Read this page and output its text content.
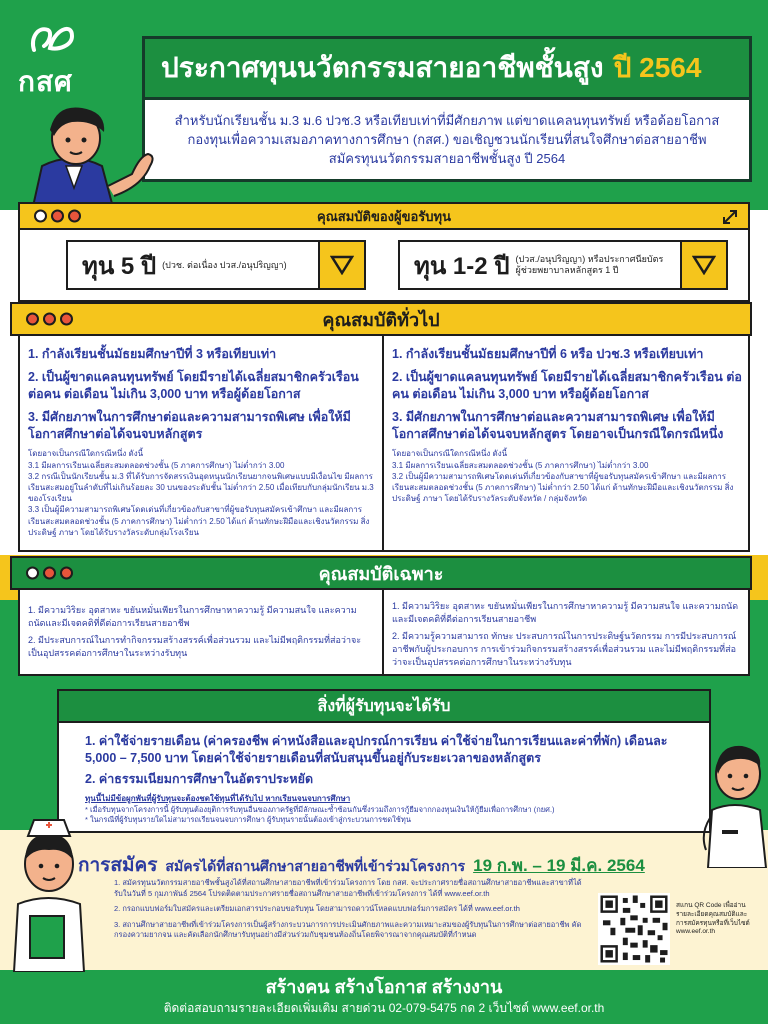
กสศ	ประกาศทุนนวัตกรรมสายอาชีพชั้นสูง ปี 2564
สำหรับนักเรียนชั้น ม.3 ม.6 ปวช.3 หรือเทียบเท่าที่มีศักยภาพ แต่ขาดแคลนทุนทรัพย์ หรือด้อยโอกาส
กองทุนเพื่อความเสมอภาคทางการศึกษา (กสศ.) ขอเชิญชวนนักเรียนที่สนใจศึกษาต่อสายอาชีพ
สมัครทุนนวัตกรรมสายอาชีพชั้นสูง ปี 2564
คุณสมบัติของผู้ขอรับทุน
ทุน 5 ปี (ปวช. ต่อเนื่อง ปวส./อนุปริญญา)	ทุน 1-2 ปี (ปวส./อนุปริญญา) หรือประกาศนียบัตร
ผู้ช่วยพยาบาลหลักสูตร 1 ปี
คุณสมบัติทั่วไป
1. กำลังเรียนชั้นมัธยมศึกษาปีที่ 3 หรือเทียบเท่า
2. เป็นผู้ขาดแคลนทุนทรัพย์ โดยมีรายได้เฉลี่ยสมาชิกครัวเรือน ต่อคน ต่อเดือน ไม่เกิน 3,000 บาท หรือผู้ด้อยโอกาส
3. มีศักยภาพในการศึกษาต่อและความสามารถพิเศษ เพื่อให้มีโอกาสศึกษาต่อได้จนจบหลักสูตร
โดยอาจเป็นกรณีใดกรณีหนึ่ง ดังนี้
3.1 มีผลการเรียนเฉลี่ยสะสมตลอดช่วงชั้น (5 ภาคการศึกษา) ไม่ต่ำกว่า 3.00
3.2 กรณีเป็นนักเรียนชั้น ม.3 ที่ได้รับการจัดสรรเงินอุดหนุนนักเรียนยากจนพิเศษแบบมีเงื่อนไข มีผลการเรียนสะสมอยู่ในลำดับที่ไม่เกินร้อยละ 30 บนของระดับชั้น ไม่ต่ำกว่า 2.50 เมื่อเทียบกับกลุ่มนักเรียน ม.3 ของโรงเรียน
3.3 เป็นผู้มีความสามารถพิเศษโดดเด่นที่เกี่ยวข้องกับสาขาที่ผู้ขอรับทุนสมัครเข้าศึกษา และมีผลการเรียนสะสมตลอดช่วงชั้น (5 ภาคการศึกษา) ไม่ต่ำกว่า 2.50 ได้แก่ ด้านทักษะฝีมือและเชิงนวัตกรรม สิ่งประดิษฐ์ ภาษา โดยได้รับรางวัลระดับกลุ่มโรงเรียน
1. กำลังเรียนชั้นมัธยมศึกษาปีที่ 6 หรือ ปวช.3 หรือเทียบเท่า
2. เป็นผู้ขาดแคลนทุนทรัพย์ โดยมีรายได้เฉลี่ยสมาชิกครัวเรือน ต่อคน ต่อเดือน ไม่เกิน 3,000 บาท หรือผู้ด้อยโอกาส
3. มีศักยภาพในการศึกษาต่อและความสามารถพิเศษ เพื่อให้มีโอกาสศึกษาต่อได้จนจบหลักสูตร โดยอาจเป็นกรณีใดกรณีหนึ่ง
โดยอาจเป็นกรณีใดกรณีหนึ่ง ดังนี้
3.1 มีผลการเรียนเฉลี่ยสะสมตลอดช่วงชั้น (5 ภาคการศึกษา) ไม่ต่ำกว่า 3.00
3.2 เป็นผู้มีความสามารถพิเศษโดดเด่นที่เกี่ยวข้องกับสาขาที่ผู้ขอรับทุนสมัครเข้าศึกษา และมีผลการเรียนสะสมตลอดช่วงชั้น (5 ภาคการศึกษา) ไม่ต่ำกว่า 2.50 ได้แก่ ด้านทักษะฝีมือและเชิงนวัตกรรม สิ่งประดิษฐ์ ภาษา โดยได้รับรางวัลระดับจังหวัด / กลุ่มจังหวัด
คุณสมบัติเฉพาะ
1. มีความวิริยะ อุตสาหะ ขยันหมั่นเพียรในการศึกษาหาความรู้ มีความสนใจ และความถนัดและมีเจตคติที่ดีต่อการเรียนสายอาชีพ
2. มีประสบการณ์ในการทำกิจกรรมสร้างสรรค์เพื่อส่วนรวม และไม่มีพฤติกรรมที่ส่อว่าจะเป็นอุปสรรคต่อการศึกษาในระหว่างรับทุน
1. มีความวิริยะ อุตสาหะ ขยันหมั่นเพียรในการศึกษาหาความรู้ มีความสนใจ และความถนัด และมีเจตคติที่ดีต่อการเรียนสายอาชีพ
2. มีความรู้ความสามารถ ทักษะ ประสบการณ์ในการประดิษฐ์นวัตกรรม การมีประสบการณ์อาชีพกับผู้ประกอบการ การเข้าร่วมกิจกรรมสร้างสรรค์เพื่อส่วนรวม และไม่มีพฤติกรรมที่ส่อว่าจะเป็นอุปสรรคต่อการศึกษาในระหว่างรับทุน
สิ่งที่ผู้รับทุนจะได้รับ
1. ค่าใช้จ่ายรายเดือน (ค่าครองชีพ ค่าหนังสือและอุปกรณ์การเรียน ค่าใช้จ่ายในการเรียนและค่าที่พัก) เดือนละ 5,000 – 7,500 บาท โดยค่าใช้จ่ายรายเดือนที่สนับสนุนขึ้นอยู่กับระยะเวลาของหลักสูตร
2. ค่าธรรมเนียมการศึกษาในอัตราประหยัด
ทุนนี้ไม่มีข้อผูกพันที่ผู้รับทุนจะต้องชดใช้ทุนที่ได้รับไป หากเรียนจนจบการศึกษา
* เมื่อรับทุนจากโครงการนี้ ผู้รับทุนต้องยุติการรับทุนอื่นของภาครัฐที่มีลักษณะซ้ำซ้อนกันซึ่งรวมถึงการกู้ยืมจากกองทุนเงินให้กู้ยืมเพื่อการศึกษา (กยศ.)
* ในกรณีที่ผู้รับทุนรายใดไม่สามารถเรียนจนจบการศึกษา ผู้รับทุนรายนั้นต้องเข้าสู่กระบวนการชดใช้ทุน
การสมัคร สมัครได้ที่สถานศึกษาสายอาชีพที่เข้าร่วมโครงการ 19 ก.พ. – 19 มี.ค. 2564
1. สมัครทุนนวัตกรรมสายอาชีพชั้นสูงได้ที่สถานศึกษาสายอาชีพที่เข้าร่วมโครงการ โดย กสศ. จะประกาศรายชื่อสถานศึกษาสายอาชีพและสาขาที่ได้รับในวันที่ 5 กุมภาพันธ์ 2564 โปรดติดตามประกาศรายชื่อสถานศึกษาสายอาชีพที่เข้าร่วมโครงการ ได้ที่ www.eef.or.th
2. กรอกแบบฟอร์มใบสมัครและเตรียมเอกสารประกอบขอรับทุน โดยสามารถดาวน์โหลดแบบฟอร์มการสมัคร ได้ที่ www.eef.or.th
3. สถานศึกษาสายอาชีพที่เข้าร่วมโครงการเป็นผู้สร้างกระบวนการการประเมินศักยภาพและความเหมาะสมของผู้รับทุนในการศึกษาต่อสายอาชีพ คัดกรองความยากจน และคัดเลือกนักศึกษารับทุนอย่างมีส่วนร่วมกับชุมชนท้องถิ่นโดยพิจารณาจากคุณสมบัติที่กำหนด
สแกน QR Code เพื่ออ่านรายละเอียดคุณสมบัติและการสมัครทุนหรือที่เว็บไซต์ www.eef.or.th
สร้างคน สร้างโอกาส สร้างงาน
ติดต่อสอบถามรายละเอียดเพิ่มเติม สายด่วน 02-079-5475 กด 2 เว็บไซต์ www.eef.or.th
